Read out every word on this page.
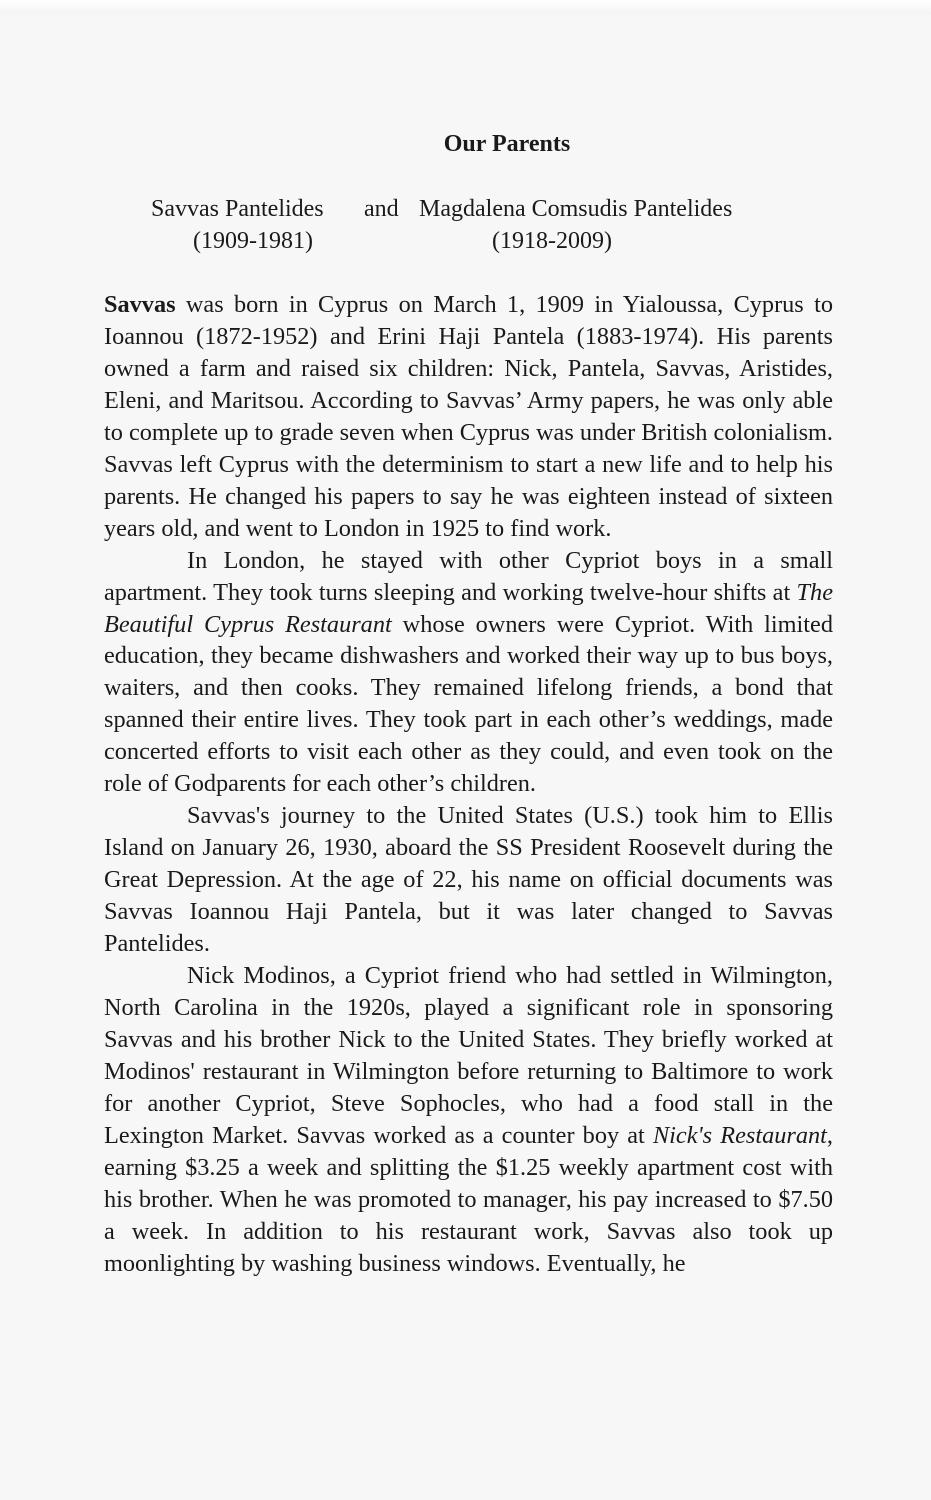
Our Parents
Savvas Pantelides and Magdalena Comsudis Pantelides
(1909-1981)	(1918-2009)

Savvas was born in Cyprus on March 1, 1909 in Yialoussa, Cyprus to Ioannou (1872-1952) and Erini Haji Pantela (1883-1974). His parents owned a farm and raised six children: Nick, Pantela, Savvas, Aristides, Eleni, and Maritsou. According to Savvas’ Army papers, he was only able to complete up to grade seven when Cyprus was under British colonialism. Savvas left Cyprus with the determinism to start a new life and to help his parents. He changed his papers to say he was eighteen instead of sixteen years old, and went to London in 1925 to find work.

In London, he stayed with other Cypriot boys in a small apartment. They took turns sleeping and working twelve-hour shifts at The Beautiful Cyprus Restaurant whose owners were Cypriot. With limited education, they became dishwashers and worked their way up to bus boys, waiters, and then cooks. They remained lifelong friends, a bond that spanned their entire lives. They took part in each other’s weddings, made concerted efforts to visit each other as they could, and even took on the role of Godparents for each other’s children.

Savvas's journey to the United States (U.S.) took him to Ellis Island on January 26, 1930, aboard the SS President Roosevelt during the Great Depression. At the age of 22, his name on official documents was Savvas Ioannou Haji Pantela, but it was later changed to Savvas Pantelides.

Nick Modinos, a Cypriot friend who had settled in Wilmington, North Carolina in the 1920s, played a significant role in sponsoring Savvas and his brother Nick to the United States. They briefly worked at Modinos' restaurant in Wilmington before returning to Baltimore to work for another Cypriot, Steve Sophocles, who had a food stall in the Lexington Market. Savvas worked as a counter boy at Nick's Restaurant, earning $3.25 a week and splitting the $1.25 weekly apartment cost with his brother. When he was promoted to manager, his pay increased to $7.50 a week. In addition to his restaurant work, Savvas also took up moonlighting by washing business windows. Eventually, he
